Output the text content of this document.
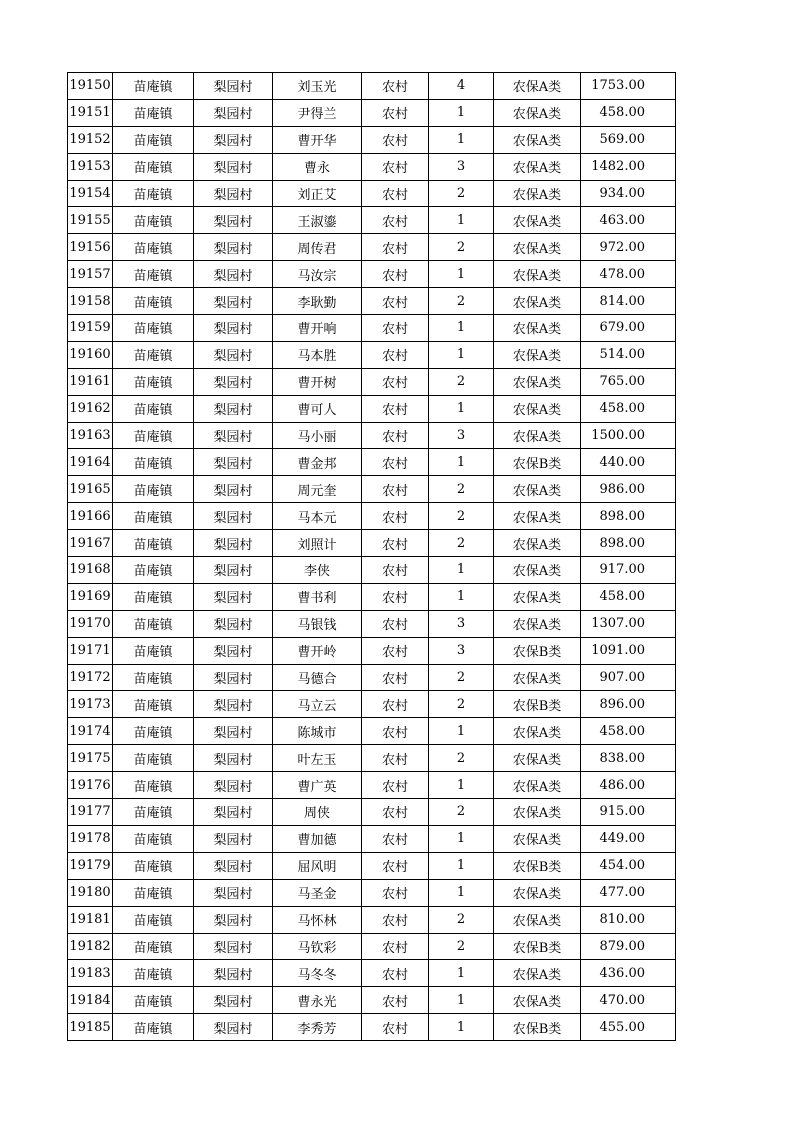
19150	苗庵镇	梨园村	刘玉光	农村	4	农保A类	1753.00
19151	苗庵镇	梨园村	尹得兰	农村	1	农保A类	458.00
19152	苗庵镇	梨园村	曹开华	农村	1	农保A类	569.00
19153	苗庵镇	梨园村	曹永	农村	3	农保A类	1482.00
19154	苗庵镇	梨园村	刘正艾	农村	2	农保A类	934.00
19155	苗庵镇	梨园村	王淑鎏	农村	1	农保A类	463.00
19156	苗庵镇	梨园村	周传君	农村	2	农保A类	972.00
19157	苗庵镇	梨园村	马汝宗	农村	1	农保A类	478.00
19158	苗庵镇	梨园村	李耿勤	农村	2	农保A类	814.00
19159	苗庵镇	梨园村	曹开响	农村	1	农保A类	679.00
19160	苗庵镇	梨园村	马本胜	农村	1	农保A类	514.00
19161	苗庵镇	梨园村	曹开树	农村	2	农保A类	765.00
19162	苗庵镇	梨园村	曹可人	农村	1	农保A类	458.00
19163	苗庵镇	梨园村	马小丽	农村	3	农保A类	1500.00
19164	苗庵镇	梨园村	曹金邦	农村	1	农保B类	440.00
19165	苗庵镇	梨园村	周元奎	农村	2	农保A类	986.00
19166	苗庵镇	梨园村	马本元	农村	2	农保A类	898.00
19167	苗庵镇	梨园村	刘照计	农村	2	农保A类	898.00
19168	苗庵镇	梨园村	李侠	农村	1	农保A类	917.00
19169	苗庵镇	梨园村	曹书利	农村	1	农保A类	458.00
19170	苗庵镇	梨园村	马银钱	农村	3	农保A类	1307.00
19171	苗庵镇	梨园村	曹开岭	农村	3	农保B类	1091.00
19172	苗庵镇	梨园村	马德合	农村	2	农保A类	907.00
19173	苗庵镇	梨园村	马立云	农村	2	农保B类	896.00
19174	苗庵镇	梨园村	陈城市	农村	1	农保A类	458.00
19175	苗庵镇	梨园村	叶左玉	农村	2	农保A类	838.00
19176	苗庵镇	梨园村	曹广英	农村	1	农保A类	486.00
19177	苗庵镇	梨园村	周侠	农村	2	农保A类	915.00
19178	苗庵镇	梨园村	曹加德	农村	1	农保A类	449.00
19179	苗庵镇	梨园村	屈风明	农村	1	农保B类	454.00
19180	苗庵镇	梨园村	马圣金	农村	1	农保A类	477.00
19181	苗庵镇	梨园村	马怀林	农村	2	农保A类	810.00
19182	苗庵镇	梨园村	马钦彩	农村	2	农保B类	879.00
19183	苗庵镇	梨园村	马冬冬	农村	1	农保A类	436.00
19184	苗庵镇	梨园村	曹永光	农村	1	农保A类	470.00
19185	苗庵镇	梨园村	李秀芳	农村	1	农保B类	455.00
